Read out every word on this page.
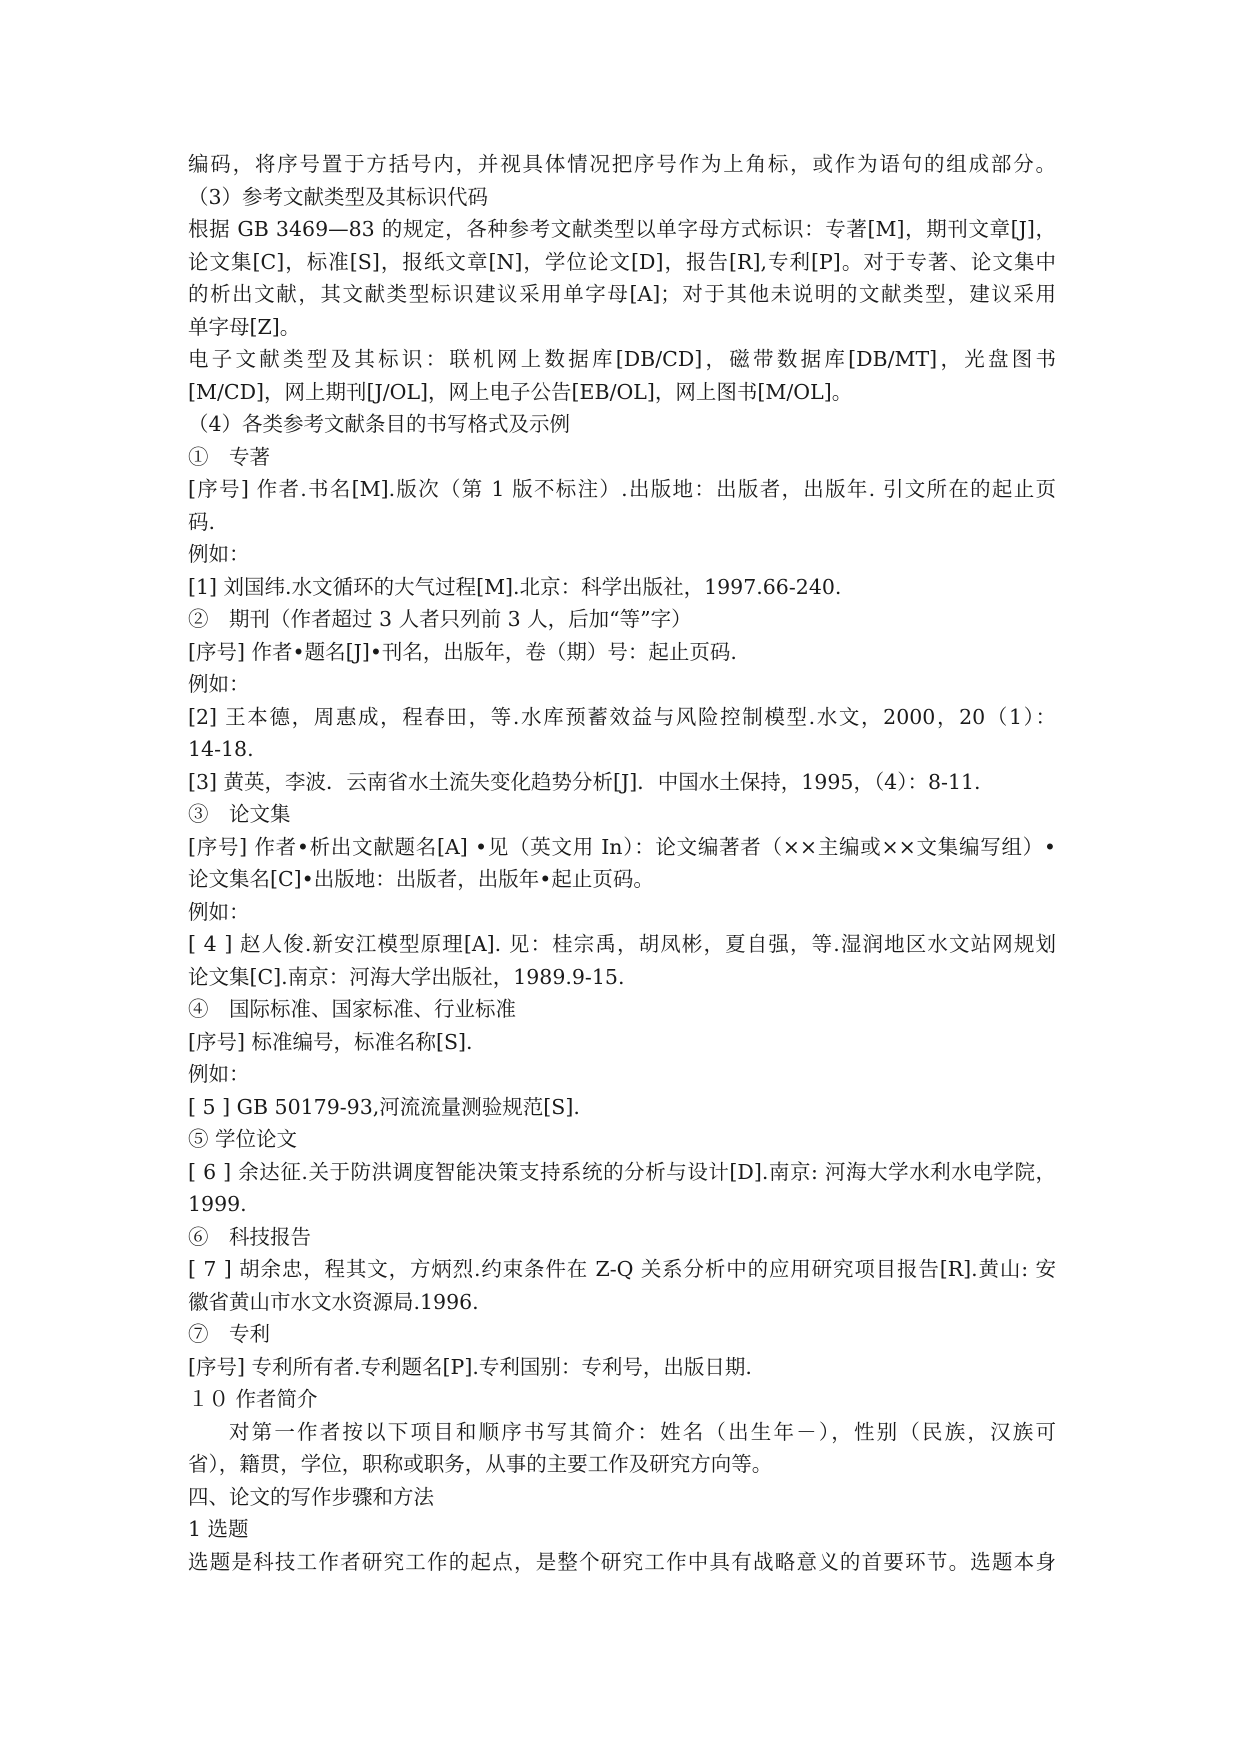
编码，将序号置于方括号内，并视具体情况把序号作为上角标，或作为语句的组成部分。

（3）参考文献类型及其标识代码

根据 GB 3469—83 的规定，各种参考文献类型以单字母方式标识：专著[M]，期刊文章[J]，

论文集[C]，标准[S]，报纸文章[N]，学位论文[D]，报告[R],专利[P]。对于专著、论文集中

的析出文献，其文献类型标识建议采用单字母[A]；对于其他未说明的文献类型，建议采用

单字母[Z]。

电子文献类型及其标识：联机网上数据库[DB/CD]，磁带数据库[DB/MT]，光盘图书

[M/CD]，网上期刊[J/OL]，网上电子公告[EB/OL]，网上图书[M/OL]。

（4）各类参考文献条目的书写格式及示例

①　专著

[序号] 作者.书名[M].版次（第 1 版不标注）.出版地：出版者，出版年. 引文所在的起止页

码.

例如：

[1] 刘国纬.水文循环的大气过程[M].北京：科学出版社，1997.66-240.

②　期刊（作者超过 3 人者只列前 3 人，后加“等”字）

[序号] 作者•题名[J]•刊名，出版年，卷（期）号：起止页码.

例如：

[2] 王本德，周惠成，程春田，等.水库预蓄效益与风险控制模型.水文，2000，20（1）：

14-18.

[3] 黄英，李波．云南省水土流失变化趋势分析[J]．中国水土保持，1995，（4）：8-11.

③　论文集

[序号] 作者•析出文献题名[A] •见（英文用 In）：论文编著者（××主编或××文集编写组）•

论文集名[C]•出版地：出版者，出版年•起止页码。

例如：

[ 4 ] 赵人俊.新安江模型原理[A]. 见：桂宗禹，胡凤彬，夏自强，等.湿润地区水文站网规划

论文集[C].南京：河海大学出版社，1989.9-15.

④　国际标准、国家标准、行业标准

[序号] 标准编号，标准名称[S].

例如：

[ 5 ] GB 50179-93,河流流量测验规范[S].

⑤ 学位论文

[ 6 ] 余达征.关于防洪调度智能决策支持系统的分析与设计[D].南京: 河海大学水利水电学院，

1999.

⑥　科技报告

[ 7 ] 胡余忠，程其文，方炳烈.约束条件在 Z-Q 关系分析中的应用研究项目报告[R].黄山: 安

徽省黄山市水文水资源局.1996.

⑦　专利

[序号] 专利所有者.专利题名[P].专利国别：专利号，出版日期.

１０ 作者简介

对第一作者按以下项目和顺序书写其简介：姓名（出生年－），性别（民族，汉族可

省），籍贯，学位，职称或职务，从事的主要工作及研究方向等。

四、论文的写作步骤和方法

1 选题

选题是科技工作者研究工作的起点，是整个研究工作中具有战略意义的首要环节。选题本身
